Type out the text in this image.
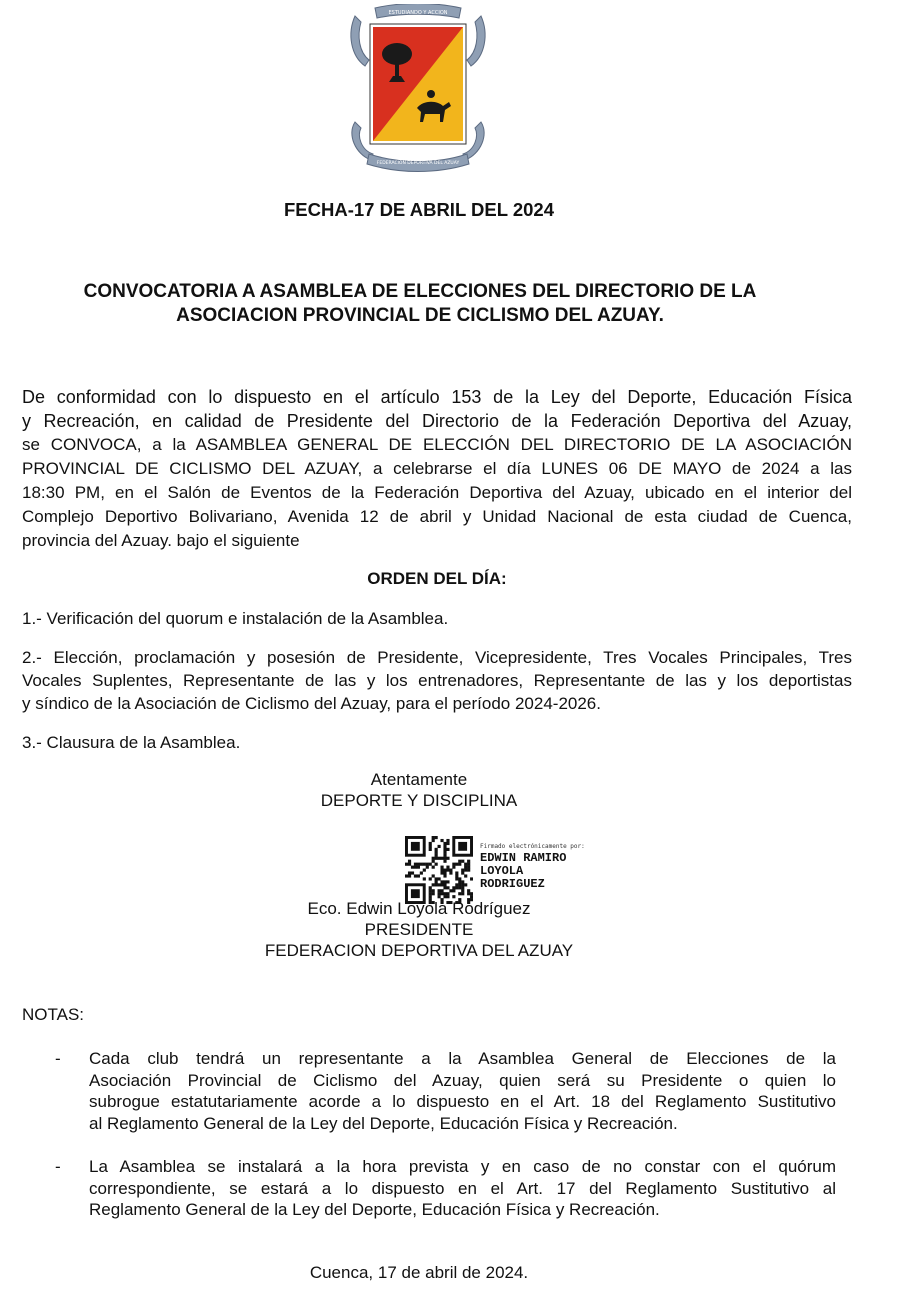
ESTUDIANDO Y ACCION
FEDERACION DEPORTIVA DEL AZUAY
FECHA-17 DE ABRIL DEL 2024
CONVOCATORIA A ASAMBLEA DE ELECCIONES DEL DIRECTORIO DE LA
ASOCIACION PROVINCIAL DE CICLISMO DEL AZUAY.
De conformidad con lo dispuesto en el artículo 153 de la Ley del Deporte, Educación Física
y Recreación, en calidad de Presidente del Directorio de la Federación Deportiva del Azuay,
se CONVOCA, a la ASAMBLEA GENERAL DE ELECCIÓN DEL DIRECTORIO DE LA ASOCIACIÓN
PROVINCIAL DE CICLISMO DEL AZUAY, a celebrarse el día LUNES 06 DE MAYO de 2024 a las
18:30 PM, en el Salón de Eventos de la Federación Deportiva del Azuay, ubicado en el interior del
Complejo Deportivo Bolivariano, Avenida 12 de abril y Unidad Nacional de esta ciudad de Cuenca,
provincia del Azuay. bajo el siguiente
ORDEN DEL DÍA:
1.- Verificación del quorum e instalación de la Asamblea.
2.- Elección, proclamación y posesión de Presidente, Vicepresidente, Tres Vocales Principales, Tres
Vocales Suplentes, Representante de las y los entrenadores, Representante de las y los deportistas
y síndico de la Asociación de Ciclismo del Azuay, para el período 2024-2026.
3.- Clausura de la Asamblea.
Atentamente
DEPORTE Y DISCIPLINA
Firmado electrónicamente por:
EDWIN RAMIRO
LOYOLA
RODRIGUEZ
Eco. Edwin Loyola Rodríguez
PRESIDENTE
FEDERACION DEPORTIVA DEL AZUAY
NOTAS:
- Cada club tendrá un representante a la Asamblea General de Elecciones de la
Asociación Provincial de Ciclismo del Azuay, quien será su Presidente o quien lo
subrogue estatutariamente acorde a lo dispuesto en el Art. 18 del Reglamento Sustitutivo
al Reglamento General de la Ley del Deporte, Educación Física y Recreación.
- La Asamblea se instalará a la hora prevista y en caso de no constar con el quórum
correspondiente, se estará a lo dispuesto en el Art. 17 del Reglamento Sustitutivo al
Reglamento General de la Ley del Deporte, Educación Física y Recreación.
Cuenca, 17 de abril de 2024.
